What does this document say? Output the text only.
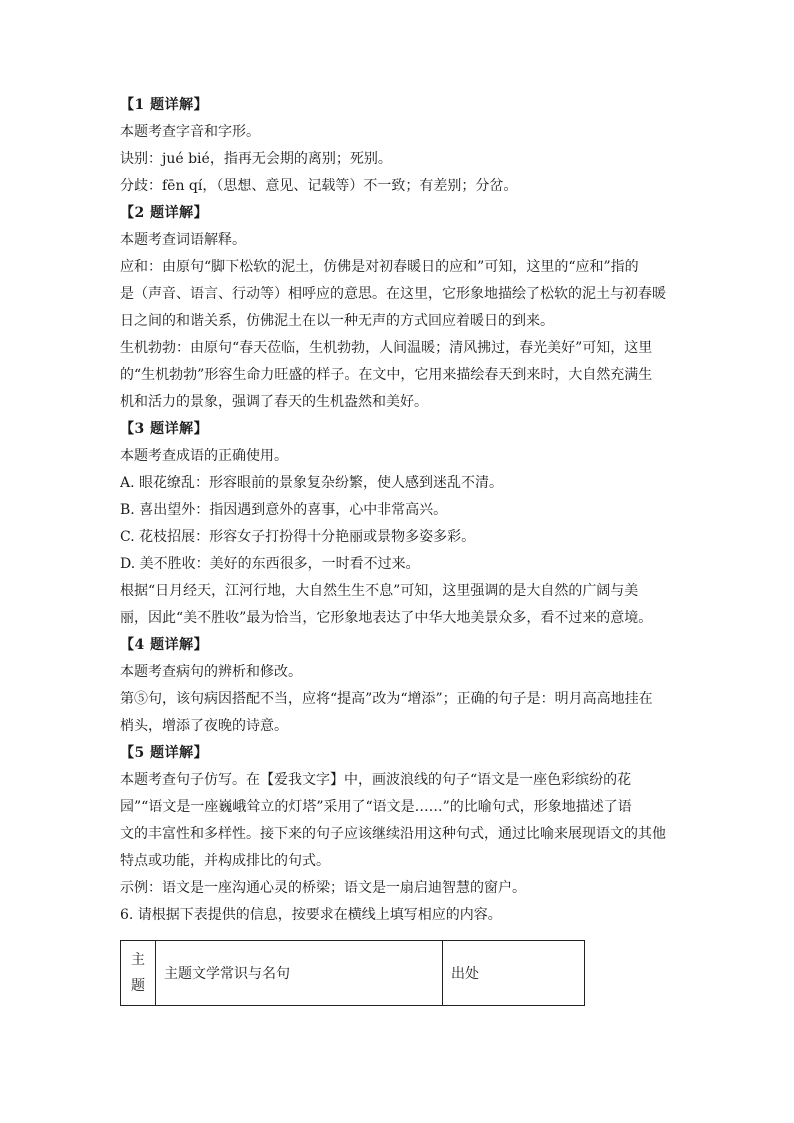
【1 题详解】
本题考查字音和字形。
诀别：jué bié，指再无会期的离别；死别。
分歧：fēn qí，（思想、意见、记载等）不一致；有差别；分岔。
【2 题详解】
本题考查词语解释。
应和：由原句“脚下松软的泥土，仿佛是对初春暖日的应和”可知，这里的“应和”指的
是（声音、语言、行动等）相呼应的意思。在这里，它形象地描绘了松软的泥土与初春暖
日之间的和谐关系，仿佛泥土在以一种无声的方式回应着暖日的到来。
生机勃勃：由原句“春天莅临，生机勃勃，人间温暖；清风拂过，春光美好”可知，这里
的“生机勃勃”形容生命力旺盛的样子。在文中，它用来描绘春天到来时，大自然充满生
机和活力的景象，强调了春天的生机盎然和美好。
【3 题详解】
本题考查成语的正确使用。
A. 眼花缭乱：形容眼前的景象复杂纷繁，使人感到迷乱不清。
B. 喜出望外：指因遇到意外的喜事，心中非常高兴。
C. 花枝招展：形容女子打扮得十分艳丽或景物多姿多彩。
D. 美不胜收：美好的东西很多，一时看不过来。
根据“日月经天，江河行地，大自然生生不息”可知，这里强调的是大自然的广阔与美
丽，因此“美不胜收”最为恰当，它形象地表达了中华大地美景众多，看不过来的意境。
【4 题详解】
本题考查病句的辨析和修改。
第⑤句，该句病因搭配不当，应将“提高”改为“增添”；正确的句子是：明月高高地挂在
梢头，增添了夜晚的诗意。
【5 题详解】
本题考查句子仿写。在【爱我文字】中，画波浪线的句子“语文是一座色彩缤纷的花
园”“语文是一座巍峨耸立的灯塔”采用了“语文是……”的比喻句式，形象地描述了语
文的丰富性和多样性。接下来的句子应该继续沿用这种句式，通过比喻来展现语文的其他
特点或功能，并构成排比的句式。
示例：语文是一座沟通心灵的桥梁；语文是一扇启迪智慧的窗户。
6. 请根据下表提供的信息，按要求在横线上填写相应的内容。
主
题
	主题文学常识与名句	出处
